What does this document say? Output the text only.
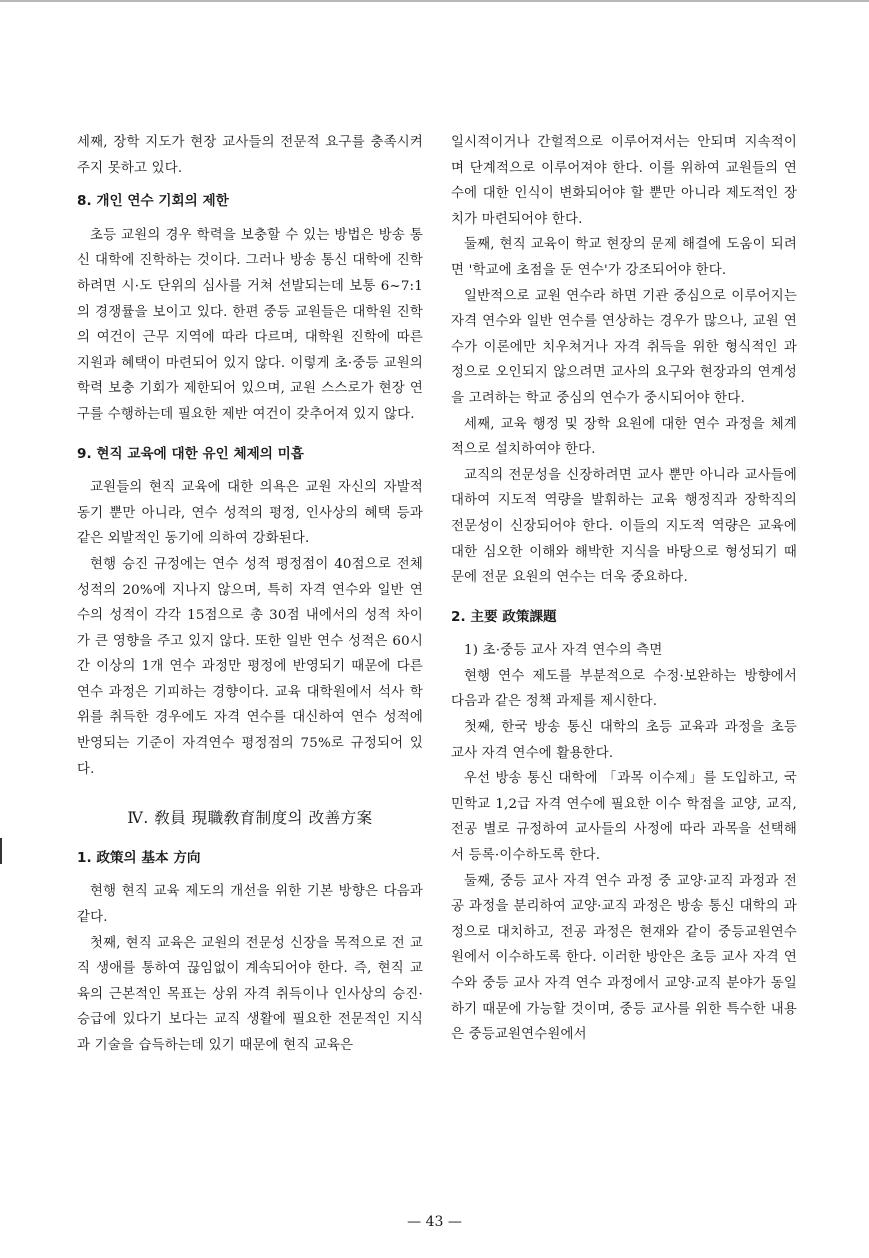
세째, 장학 지도가 현장 교사들의 전문적 요구를 충족시켜 주지 못하고 있다.

8. 개인 연수 기회의 제한

초등 교원의 경우 학력을 보충할 수 있는 방법은 방송 통신 대학에 진학하는 것이다. 그러나 방송 통신 대학에 진학하려면 시·도 단위의 심사를 거쳐 선발되는데 보통 6~7:1의 경쟁률을 보이고 있다. 한편 중등 교원들은 대학원 진학의 여건이 근무 지역에 따라 다르며, 대학원 진학에 따른 지원과 혜택이 마련되어 있지 않다. 이렇게 초·중등 교원의 학력 보충 기회가 제한되어 있으며, 교원 스스로가 현장 연구를 수행하는데 필요한 제반 여건이 갖추어져 있지 않다.

9. 현직 교육에 대한 유인 체제의 미흡

교원들의 현직 교육에 대한 의욕은 교원 자신의 자발적 동기 뿐만 아니라, 연수 성적의 평정, 인사상의 혜택 등과 같은 외발적인 동기에 의하여 강화된다.

현행 승진 규정에는 연수 성적 평정점이 40점으로 전체 성적의 20%에 지나지 않으며, 특히 자격 연수와 일반 연수의 성적이 각각 15점으로 총 30점 내에서의 성적 차이가 큰 영향을 주고 있지 않다. 또한 일반 연수 성적은 60시간 이상의 1개 연수 과정만 평정에 반영되기 때문에 다른 연수 과정은 기피하는 경향이다. 교육 대학원에서 석사 학위를 취득한 경우에도 자격 연수를 대신하여 연수 성적에 반영되는 기준이 자격연수 평정점의 75%로 규정되어 있다.

Ⅳ. 敎員 現職敎育制度의 改善方案
1. 政策의 基本 方向

현행 현직 교육 제도의 개선을 위한 기본 방향은 다음과 같다.

첫째, 현직 교육은 교원의 전문성 신장을 목적으로 전 교직 생애를 통하여 끊임없이 계속되어야 한다. 즉, 현직 교육의 근본적인 목표는 상위 자격 취득이나 인사상의 승진·승급에 있다기 보다는 교직 생활에 필요한 전문적인 지식과 기술을 습득하는데 있기 때문에 현직 교육은

일시적이거나 간헐적으로 이루어져서는 안되며 지속적이며 단계적으로 이루어져야 한다. 이를 위하여 교원들의 연수에 대한 인식이 변화되어야 할 뿐만 아니라 제도적인 장치가 마련되어야 한다.

둘째, 현직 교육이 학교 현장의 문제 해결에 도움이 되려면 '학교에 초점을 둔 연수'가 강조되어야 한다.

일반적으로 교원 연수라 하면 기관 중심으로 이루어지는 자격 연수와 일반 연수를 연상하는 경우가 많으나, 교원 연수가 이론에만 치우쳐거나 자격 취득을 위한 형식적인 과정으로 오인되지 않으려면 교사의 요구와 현장과의 연계성을 고려하는 학교 중심의 연수가 중시되어야 한다.

세째, 교육 행정 및 장학 요원에 대한 연수 과정을 체계적으로 설치하여야 한다.

교직의 전문성을 신장하려면 교사 뿐만 아니라 교사들에 대하여 지도적 역량을 발휘하는 교육 행정직과 장학직의 전문성이 신장되어야 한다. 이들의 지도적 역량은 교육에 대한 심오한 이해와 해박한 지식을 바탕으로 형성되기 때문에 전문 요원의 연수는 더욱 중요하다.

2. 主要 政策課題

1) 초·중등 교사 자격 연수의 측면

현행 연수 제도를 부분적으로 수정·보완하는 방향에서 다음과 같은 정책 과제를 제시한다.

첫째, 한국 방송 통신 대학의 초등 교육과 과정을 초등 교사 자격 연수에 활용한다.

우선 방송 통신 대학에 「과목 이수제」를 도입하고, 국민학교 1,2급 자격 연수에 필요한 이수 학점을 교양, 교직, 전공 별로 규정하여 교사들의 사정에 따라 과목을 선택해서 등록·이수하도록 한다.

둘째, 중등 교사 자격 연수 과정 중 교양·교직 과정과 전공 과정을 분리하여 교양·교직 과정은 방송 통신 대학의 과정으로 대치하고, 전공 과정은 현재와 같이 중등교원연수원에서 이수하도록 한다. 이러한 방안은 초등 교사 자격 연수와 중등 교사 자격 연수 과정에서 교양·교직 분야가 동일하기 때문에 가능할 것이며, 중등 교사를 위한 특수한 내용은 중등교원연수원에서

— 43 —
